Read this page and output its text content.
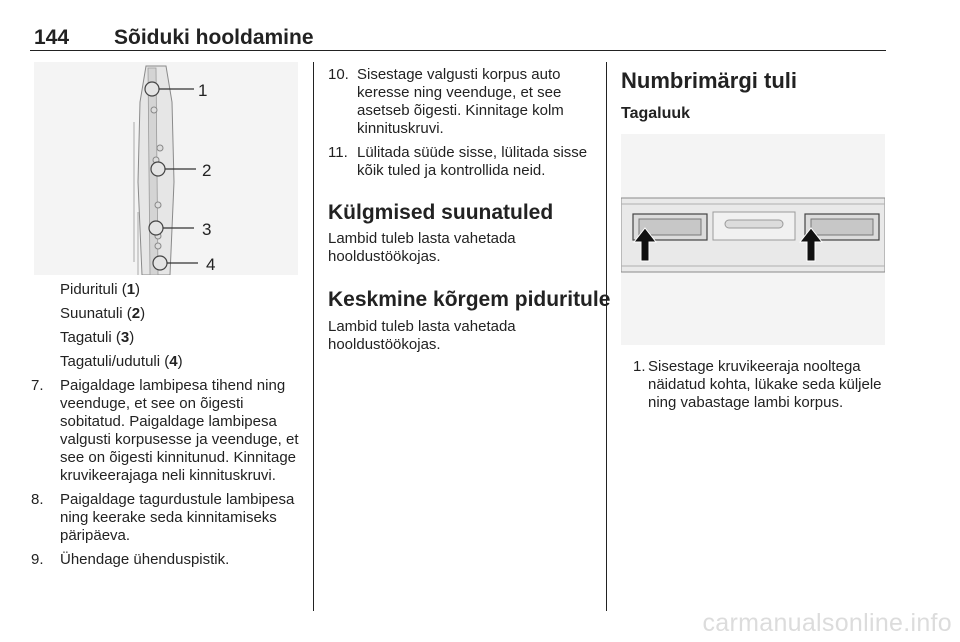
144 Sõiduki hooldamine
1
2
3
4
Pidurituli (1)
Suunatuli (2)
Tagatuli (3)
Tagatuli/udutuli (4)
7. Paigaldage lambipesa tihend ning veenduge, et see on õigesti sobitatud. Paigaldage lambipesa valgusti korpusesse ja veenduge, et see on õigesti kinnitunud. Kinnitage kruvikeerajaga neli kinnituskruvi.
8. Paigaldage tagurdustule lambipesa ning keerake seda kinnitamiseks päripäeva.
9. Ühendage ühenduspistik.
10. Sisestage valgusti korpus auto keresse ning veenduge, et see asetseb õigesti. Kinnitage kolm kinnituskruvi.
11. Lülitada süüde sisse, lülitada sisse kõik tuled ja kontrollida neid.
Külgmised suunatuled
Lambid tuleb lasta vahetada hooldustöökojas.
Keskmine kõrgem piduritule
Lambid tuleb lasta vahetada hooldustöökojas.
Numbrimärgi tuli
Tagaluuk
1. Sisestage kruvikeeraja nooltega näidatud kohta, lükake seda küljele ning vabastage lambi korpus.
carmanualsonline.info
